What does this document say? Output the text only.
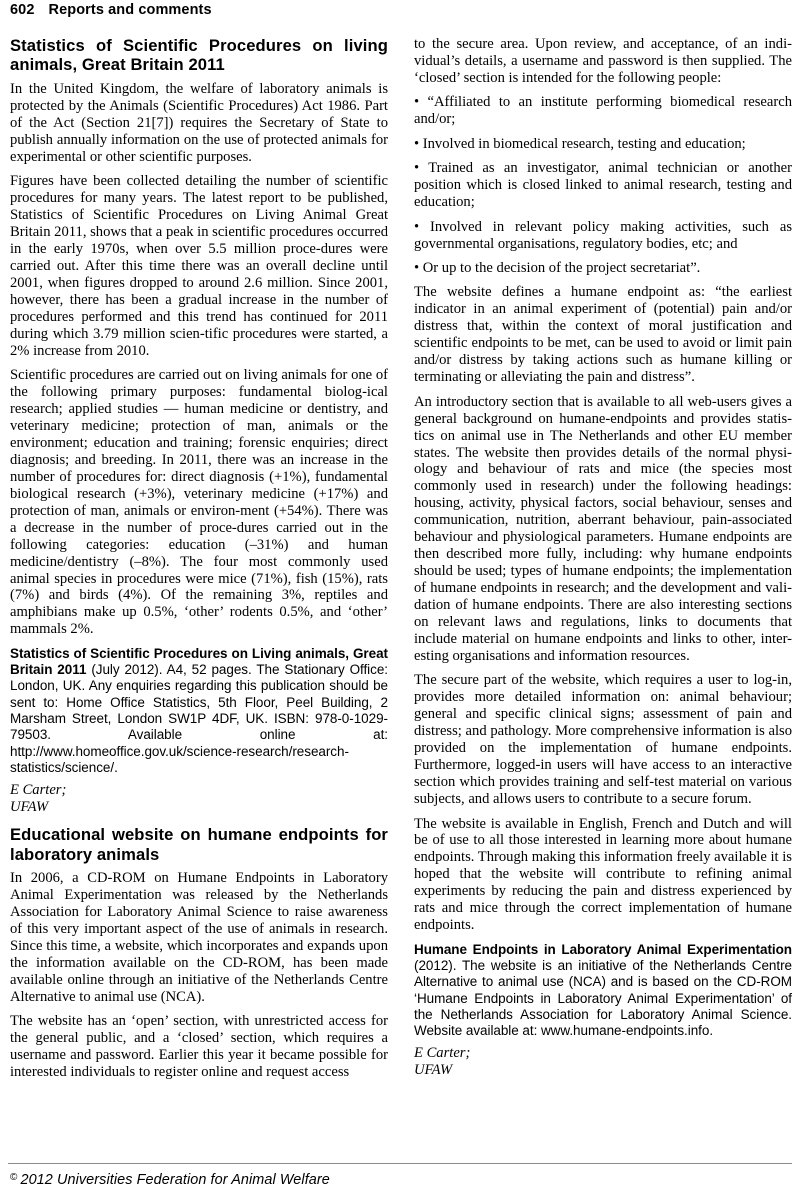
602 Reports and comments
Statistics of Scientific Procedures on living animals, Great Britain 2011

In the United Kingdom, the welfare of laboratory animals is protected by the Animals (Scientific Procedures) Act 1986. Part of the Act (Section 21[7]) requires the Secretary of State to publish annually information on the use of protected animals for experimental or other scientific purposes.

Figures have been collected detailing the number of scientific procedures for many years. The latest report to be published, Statistics of Scientific Procedures on Living Animal Great Britain 2011, shows that a peak in scientific procedures occurred in the early 1970s, when over 5.5 million proce-dures were carried out. After this time there was an overall decline until 2001, when figures dropped to around 2.6 million. Since 2001, however, there has been a gradual increase in the number of procedures performed and this trend has continued for 2011 during which 3.79 million scien-tific procedures were started, a 2% increase from 2010.

Scientific procedures are carried out on living animals for one of the following primary purposes: fundamental biolog-ical research; applied studies — human medicine or dentistry, and veterinary medicine; protection of man, animals or the environment; education and training; forensic enquiries; direct diagnosis; and breeding. In 2011, there was an increase in the number of procedures for: direct diagnosis (+1%), fundamental biological research (+3%), veterinary medicine (+17%) and protection of man, animals or environ-ment (+54%). There was a decrease in the number of proce-dures carried out in the following categories: education (–31%) and human medicine/dentistry (–8%). The four most commonly used animal species in procedures were mice (71%), fish (15%), rats (7%) and birds (4%). Of the remaining 3%, reptiles and amphibians make up 0.5%, ‘other’ rodents 0.5%, and ‘other’ mammals 2%.

Statistics of Scientific Procedures on Living animals, Great Britain 2011 (July 2012). A4, 52 pages. The Stationary Office: London, UK. Any enquiries regarding this publication should be sent to: Home Office Statistics, 5th Floor, Peel Building, 2 Marsham Street, London SW1P 4DF, UK. ISBN: 978-0-1029-79503. Available online at: http://www.homeoffice.gov.uk/science-research/research-statistics/science/.

E Carter;
UFAW
Educational website on humane endpoints for laboratory animals

In 2006, a CD-ROM on Humane Endpoints in Laboratory Animal Experimentation was released by the Netherlands Association for Laboratory Animal Science to raise awareness of this very important aspect of the use of animals in research. Since this time, a website, which incorporates and expands upon the information available on the CD-ROM, has been made available online through an initiative of the Netherlands Centre Alternative to animal use (NCA).

The website has an ‘open’ section, with unrestricted access for the general public, and a ‘closed’ section, which requires a username and password. Earlier this year it became possible for interested individuals to register online and request access

to the secure area. Upon review, and acceptance, of an indi-vidual’s details, a username and password is then supplied. The ‘closed’ section is intended for the following people:

• “Affiliated to an institute performing biomedical research and/or;

• Involved in biomedical research, testing and education;

• Trained as an investigator, animal technician or another position which is closed linked to animal research, testing and education;

• Involved in relevant policy making activities, such as governmental organisations, regulatory bodies, etc; and

• Or up to the decision of the project secretariat”.

The website defines a humane endpoint as: “the earliest indicator in an animal experiment of (potential) pain and/or distress that, within the context of moral justification and scientific endpoints to be met, can be used to avoid or limit pain and/or distress by taking actions such as humane killing or terminating or alleviating the pain and distress”.

An introductory section that is available to all web-users gives a general background on humane-endpoints and provides statis-tics on animal use in The Netherlands and other EU member states. The website then provides details of the normal physi-ology and behaviour of rats and mice (the species most commonly used in research) under the following headings: housing, activity, physical factors, social behaviour, senses and communication, nutrition, aberrant behaviour, pain-associated behaviour and physiological parameters. Humane endpoints are then described more fully, including: why humane endpoints should be used; types of humane endpoints; the implementation of humane endpoints in research; and the development and vali-dation of humane endpoints. There are also interesting sections on relevant laws and regulations, links to documents that include material on humane endpoints and links to other, inter-esting organisations and information resources.

The secure part of the website, which requires a user to log-in, provides more detailed information on: animal behaviour; general and specific clinical signs; assessment of pain and distress; and pathology. More comprehensive information is also provided on the implementation of humane endpoints. Furthermore, logged-in users will have access to an interactive section which provides training and self-test material on various subjects, and allows users to contribute to a secure forum.

The website is available in English, French and Dutch and will be of use to all those interested in learning more about humane endpoints. Through making this information freely available it is hoped that the website will contribute to refining animal experiments by reducing the pain and distress experienced by rats and mice through the correct implementation of humane endpoints.

Humane Endpoints in Laboratory Animal Experimentation (2012). The website is an initiative of the Netherlands Centre Alternative to animal use (NCA) and is based on the CD-ROM ‘Humane Endpoints in Laboratory Animal Experimentation’ of the Netherlands Association for Laboratory Animal Science. Website available at: www.humane-endpoints.info.

E Carter;
UFAW
© 2012 Universities Federation for Animal Welfare
